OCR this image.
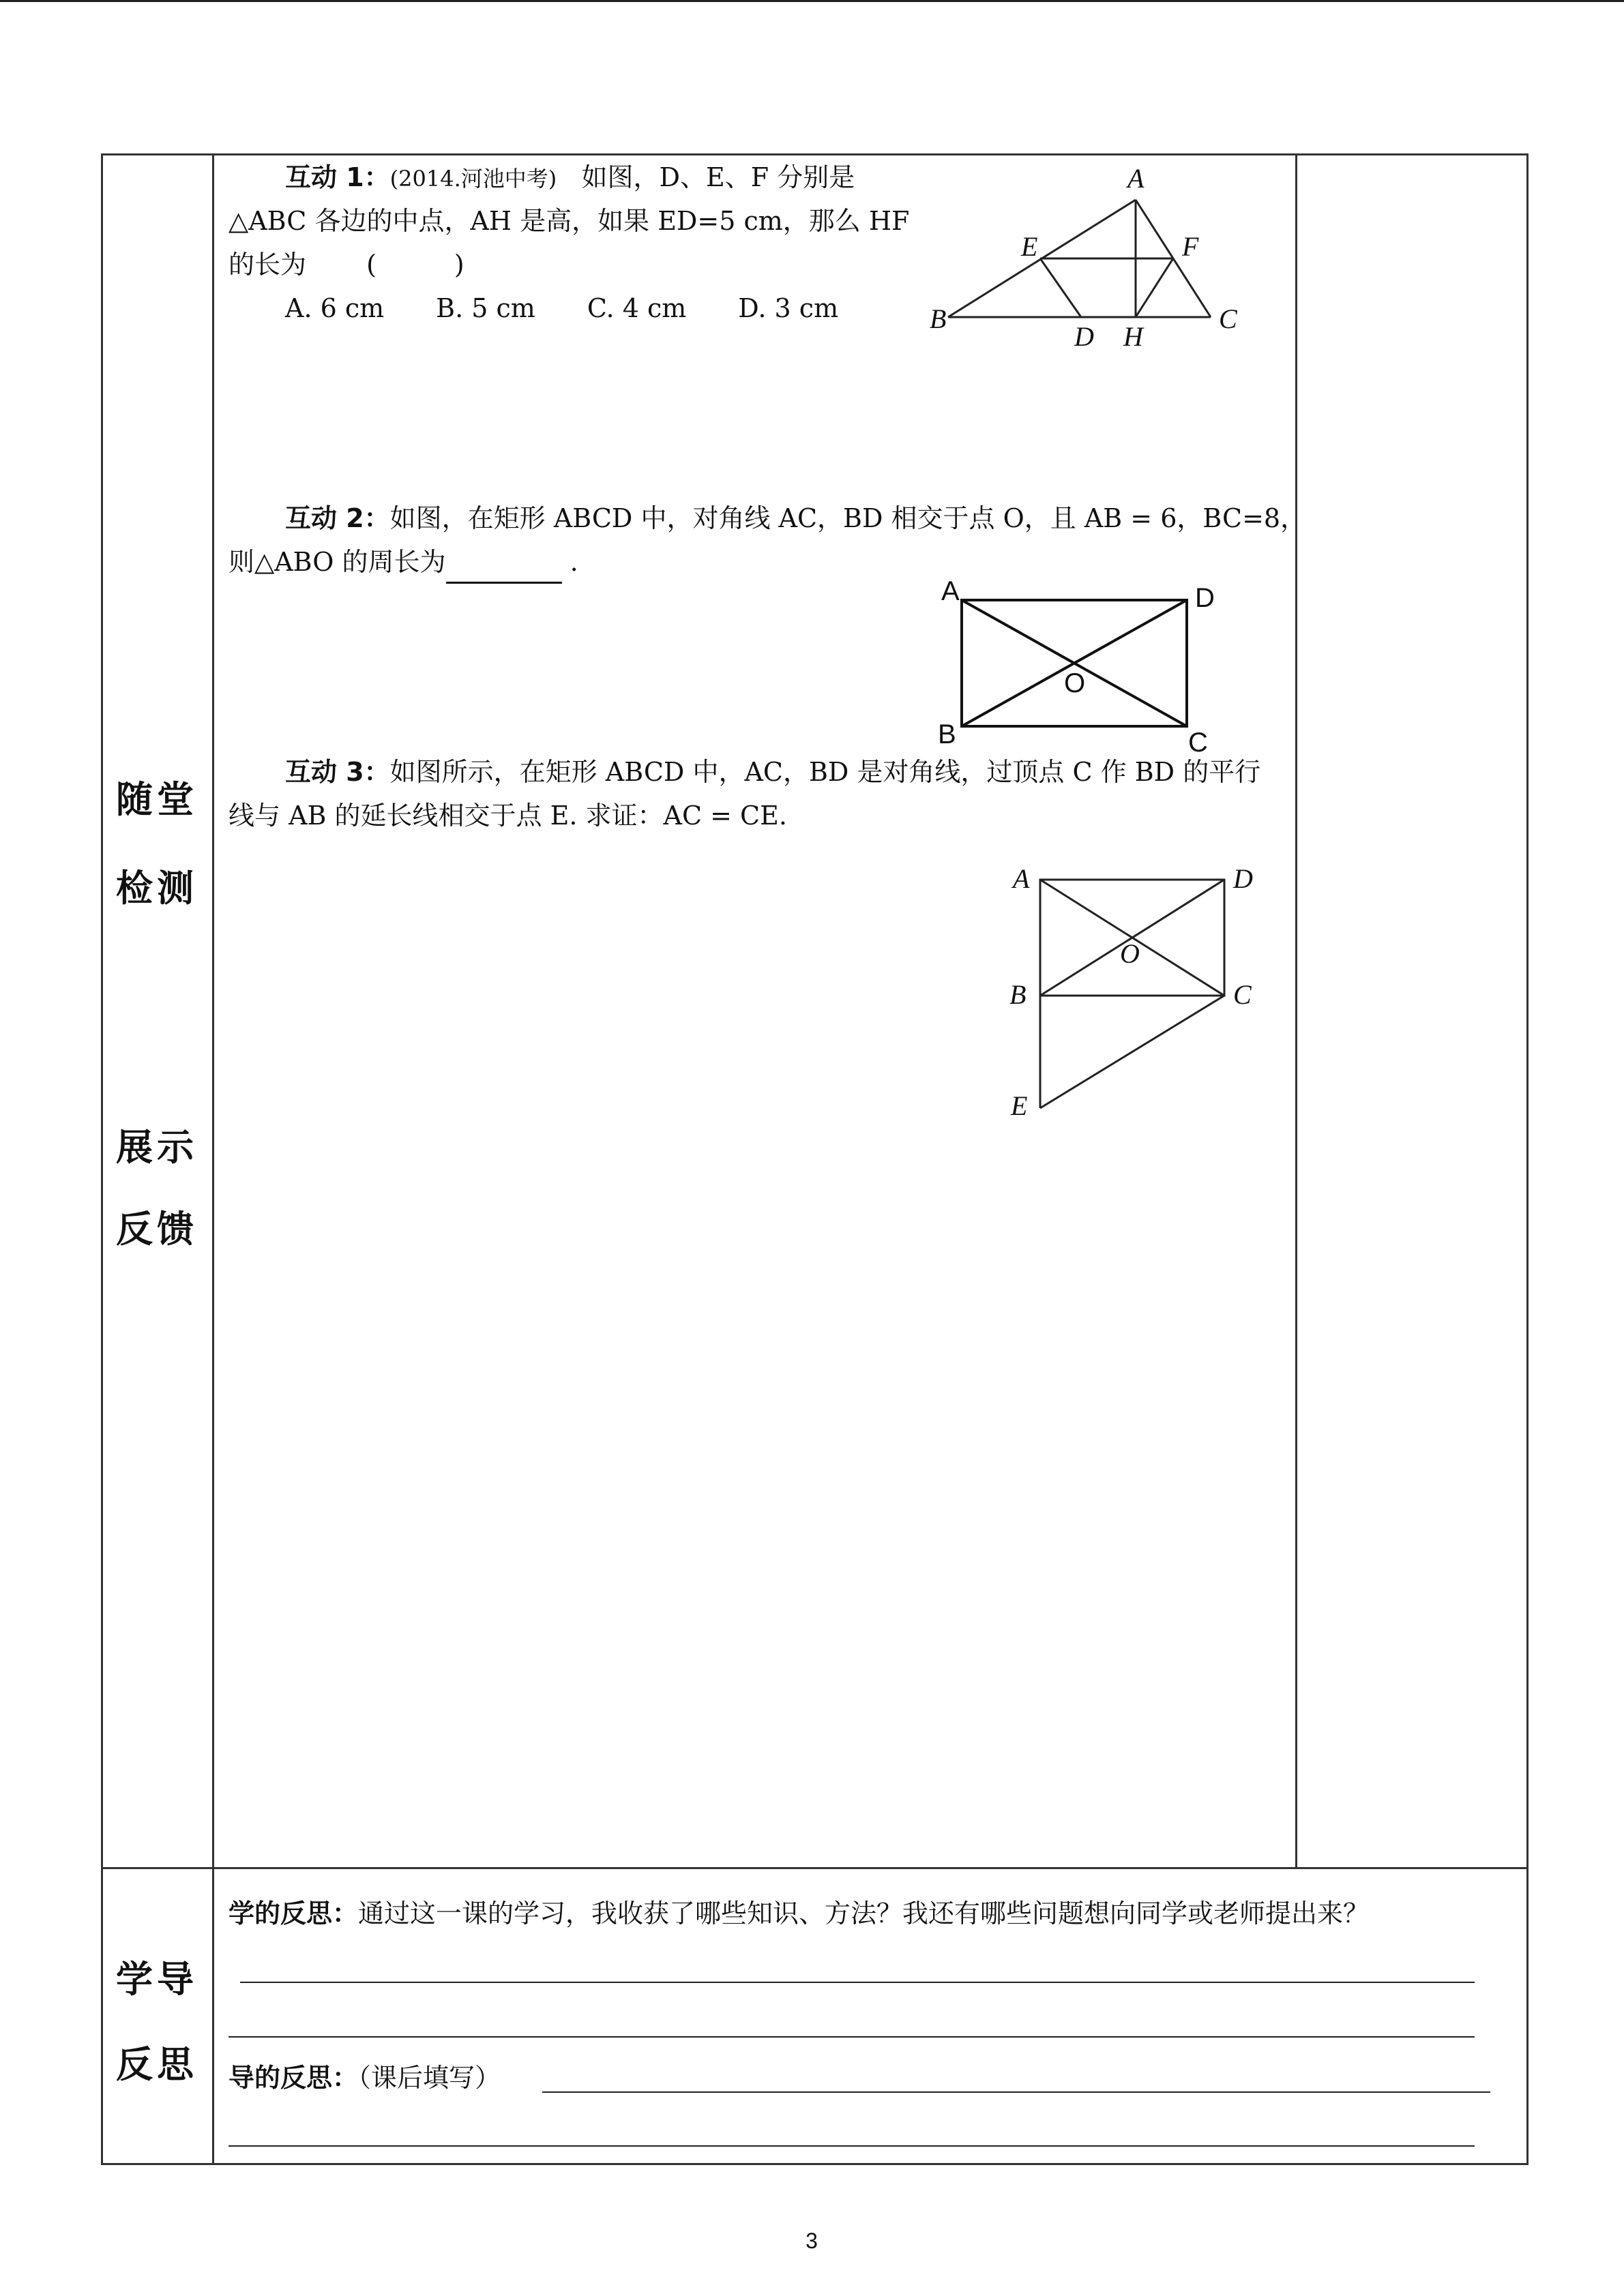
随堂
检测
展示
反馈
学导
反思
互动 1：(2014.河池中考) 如图，D、E、F 分别是
△ABC 各边的中点，AH 是高，如果 ED=5 cm，那么 HF
的长为　　 (　　　)
A. 6 cm　　B. 5 cm　　C. 4 cm　　D. 3 cm
A
E	F
B
D H
C
互动 2：如图，在矩形 ABCD 中，对角线 AC，BD 相交于点 O，且 AB = 6，BC=8，
则△ABO 的周长为	.
A	D
O
B	C
互动 3：如图所示，在矩形 ABCD 中，AC，BD 是对角线，过顶点 C 作 BD 的平行
线与 AB 的延长线相交于点 E. 求证：AC = CE.
A	D
O
B	C
E
学的反思：通过这一课的学习，我收获了哪些知识、方法？我还有哪些问题想向同学或老师提出来？
导的反思：（课后填写）
3
